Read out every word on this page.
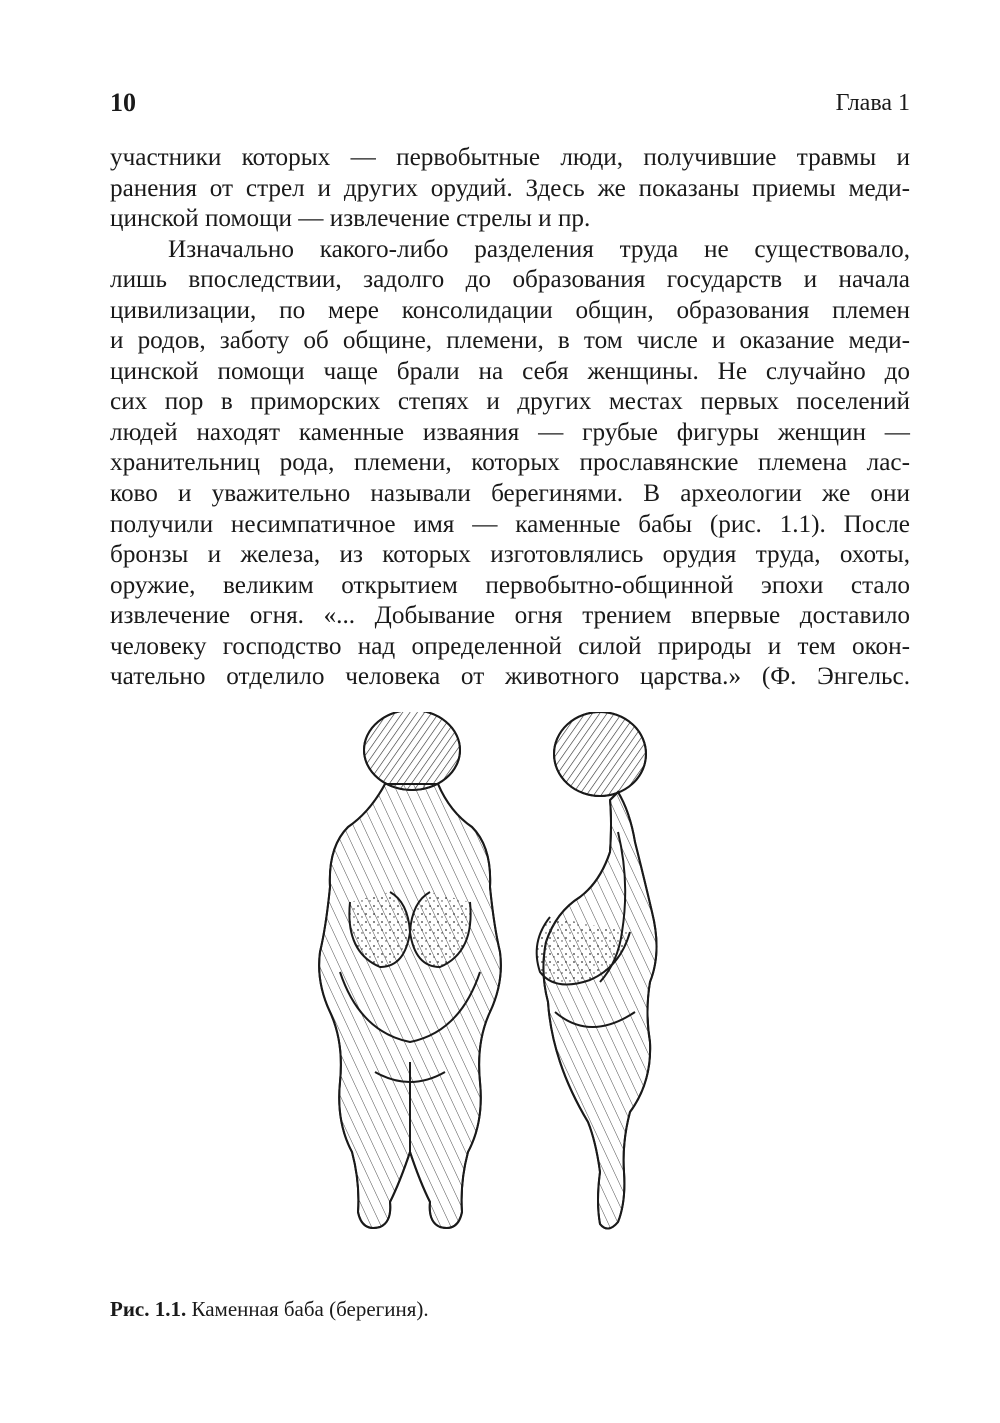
10	Глава 1
участники которых — первобытные люди, получившие травмы и
ранения от стрел и других орудий. Здесь же показаны приемы меди-
цинской помощи — извлечение стрелы и пр.
Изначально какого-либо разделения труда не существовало,
лишь впоследствии, задолго до образования государств и начала
цивилизации, по мере консолидации общин, образования племен
и родов, заботу об общине, племени, в том числе и оказание меди-
цинской помощи чаще брали на себя женщины. Не случайно до
сих пор в приморских степях и других местах первых поселений
людей находят каменные изваяния — грубые фигуры женщин —
хранительниц рода, племени, которых прославянские племена лас-
ково и уважительно называли берегинями. В археологии же они
получили несимпатичное имя — каменные бабы (рис. 1.1). После
бронзы и железа, из которых изготовлялись орудия труда, охоты,
оружие, великим открытием первобытно-общинной эпохи стало
извлечение огня. «... Добывание огня трением впервые доставило
человеку господство над определенной силой природы и тем окон-
чательно отделило человека от животного царства.» (Ф. Энгельс.
Рис. 1.1. Каменная баба (берегиня).
